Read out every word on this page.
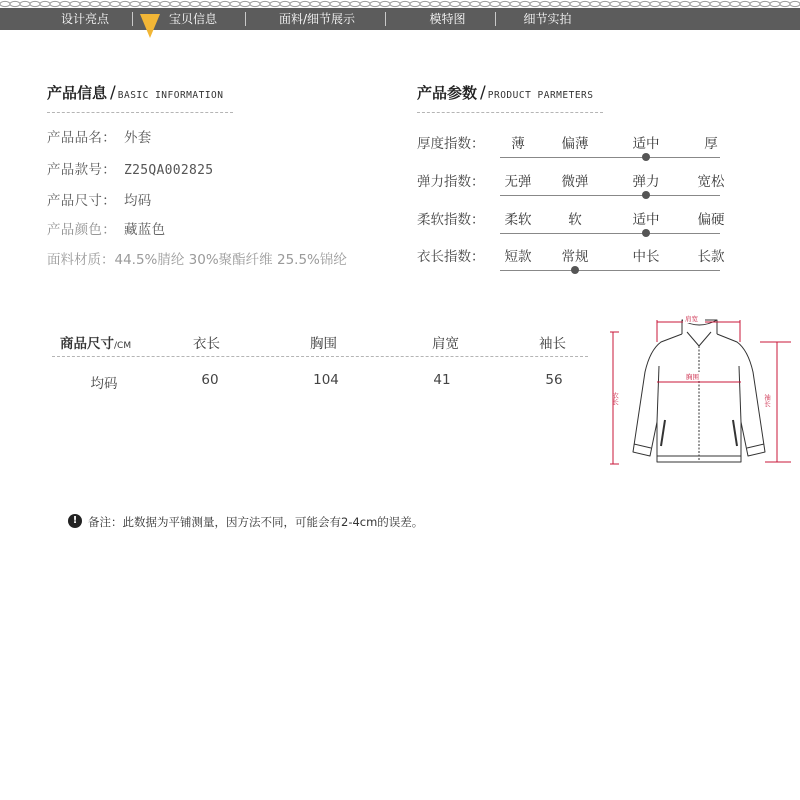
设计亮点	宝贝信息	面料/细节展示	模特图	细节实拍
产品信息 / BASIC INFORMATION
产品品名： 外套
产品款号： Z25QA002825
产品尺寸： 均码
产品颜色： 藏蓝色
面料材质：44.5%腈纶 30%聚酯纤维 25.5%锦纶
产品参数 / PRODUCT PARMETERS
厚度指数：	薄	偏薄	适中	厚
弹力指数：	无弹	微弹	弹力	宽松
柔软指数：	柔软	软	适中	偏硬
衣长指数：	短款	常规	中长	长款
商品尺寸/CM	衣长	胸围	肩宽	袖长
均码	60	104	41	56
肩宽
胸围
衣长	袖长
! 备注：此数据为平铺测量，因方法不同，可能会有2-4cm的误差。
